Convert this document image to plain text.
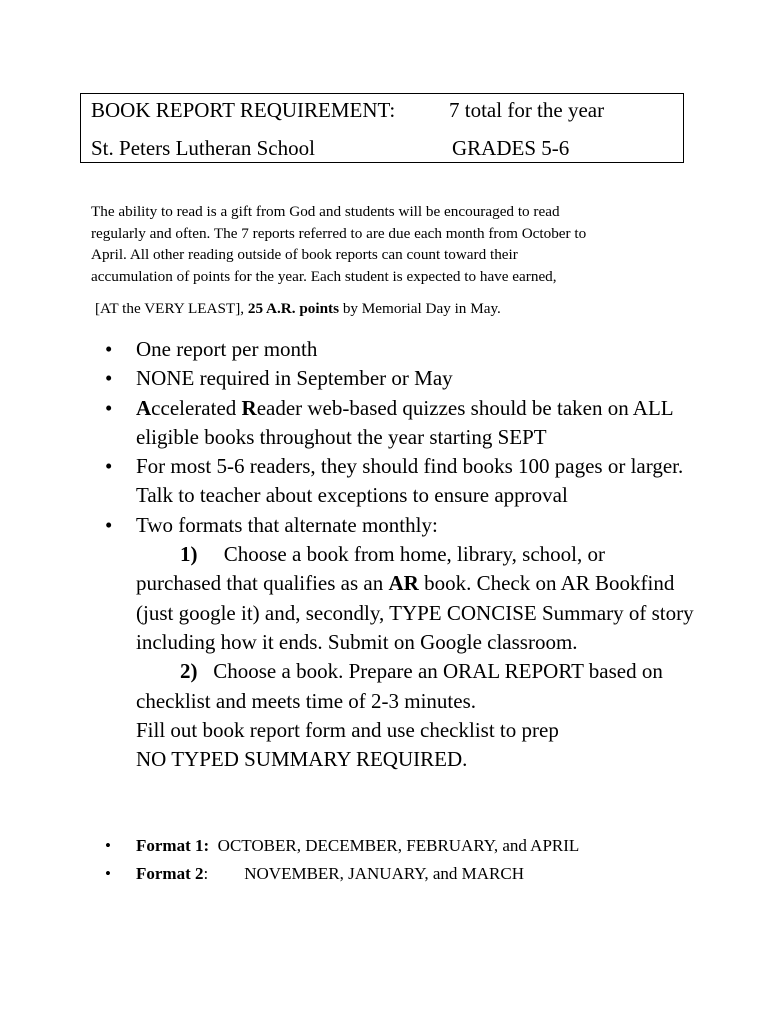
BOOK REPORT REQUIREMENT:	7 total for the year
St. Peters Lutheran School	GRADES 5-6

The ability to read is a gift from God and students will be encouraged to read

regularly and often. The 7 reports referred to are due each month from October to

April. All other reading outside of book reports can count toward their

accumulation of points for the year. Each student is expected to have earned,

[AT the VERY LEAST], 25 A.R. points by Memorial Day in May.
• One report per month
• NONE required in September or May
• Accelerated Reader web-based quizzes should be taken on ALL eligible books throughout the year starting SEPT
• For most 5-6 readers, they should find books 100 pages or larger. Talk to teacher about exceptions to ensure approval
• Two formats that alternate monthly:

1) Choose a book from home, library, school, or purchased that qualifies as an AR book. Check on AR Bookfind (just google it) and, secondly, TYPE CONCISE Summary of story including how it ends. Submit on Google classroom.

2) Choose a book. Prepare an ORAL REPORT based on checklist and meets time of 2-3 minutes.
Fill out book report form and use checklist to prep
NO TYPED SUMMARY REQUIRED.

• Format 1: OCTOBER, DECEMBER, FEBRUARY, and APRIL
• Format 2: NOVEMBER, JANUARY, and MARCH
